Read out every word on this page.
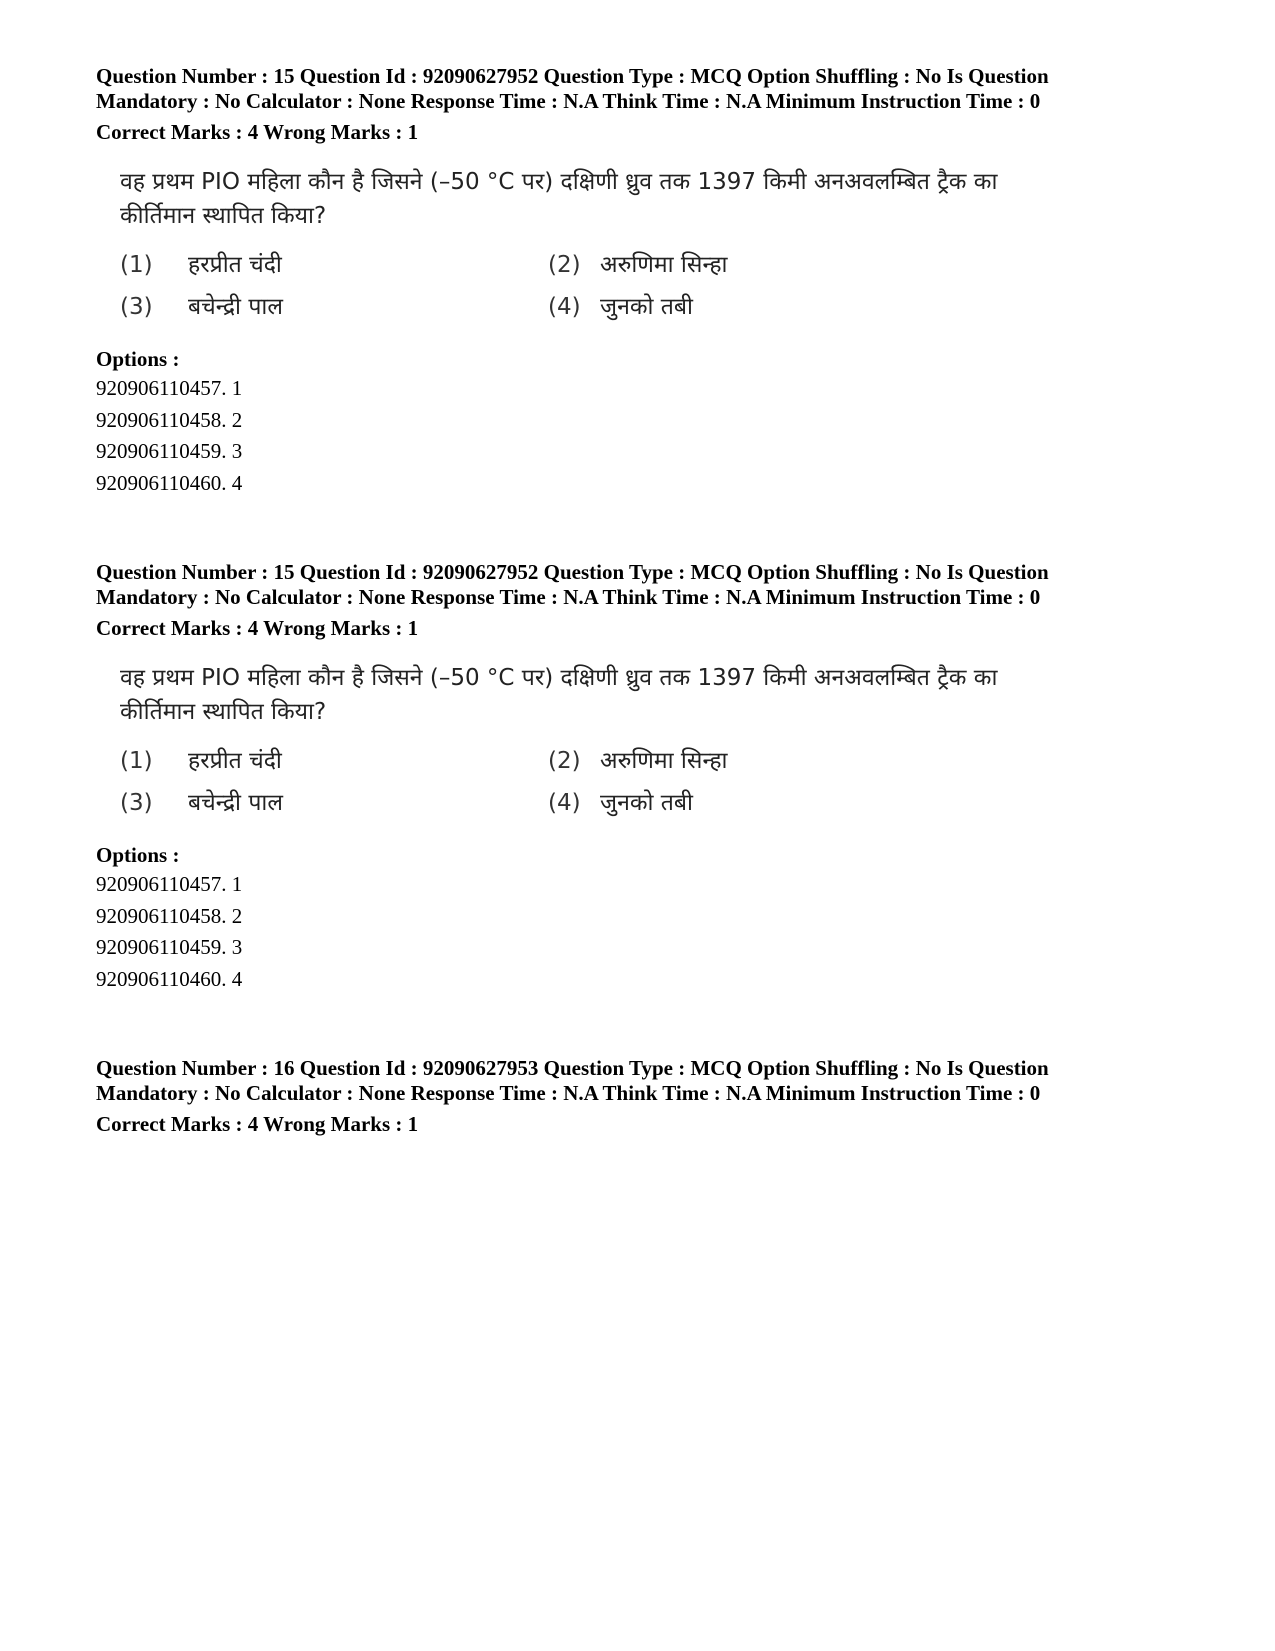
Question Number : 15 Question Id : 92090627952 Question Type : MCQ Option Shuffling : No Is Question Mandatory : No Calculator : None Response Time : N.A Think Time : N.A Minimum Instruction Time : 0

Correct Marks : 4 Wrong Marks : 1

वह प्रथम PIO महिला कौन है जिसने (–50 °C पर) दक्षिणी ध्रुव तक 1397 किमी अनअवलम्बित ट्रैक का कीर्तिमान स्थापित किया?

(1) हरप्रीत चंदी	(2) अरुणिमा सिन्हा
(3) बचेन्द्री पाल	(4) जुनको तबी
Options :
920906110457. 1
920906110458. 2
920906110459. 3
920906110460. 4

Question Number : 15 Question Id : 92090627952 Question Type : MCQ Option Shuffling : No Is Question Mandatory : No Calculator : None Response Time : N.A Think Time : N.A Minimum Instruction Time : 0

Correct Marks : 4 Wrong Marks : 1

वह प्रथम PIO महिला कौन है जिसने (–50 °C पर) दक्षिणी ध्रुव तक 1397 किमी अनअवलम्बित ट्रैक का कीर्तिमान स्थापित किया?

(1) हरप्रीत चंदी	(2) अरुणिमा सिन्हा
(3) बचेन्द्री पाल	(4) जुनको तबी
Options :
920906110457. 1
920906110458. 2
920906110459. 3
920906110460. 4

Question Number : 16 Question Id : 92090627953 Question Type : MCQ Option Shuffling : No Is Question Mandatory : No Calculator : None Response Time : N.A Think Time : N.A Minimum Instruction Time : 0

Correct Marks : 4 Wrong Marks : 1
